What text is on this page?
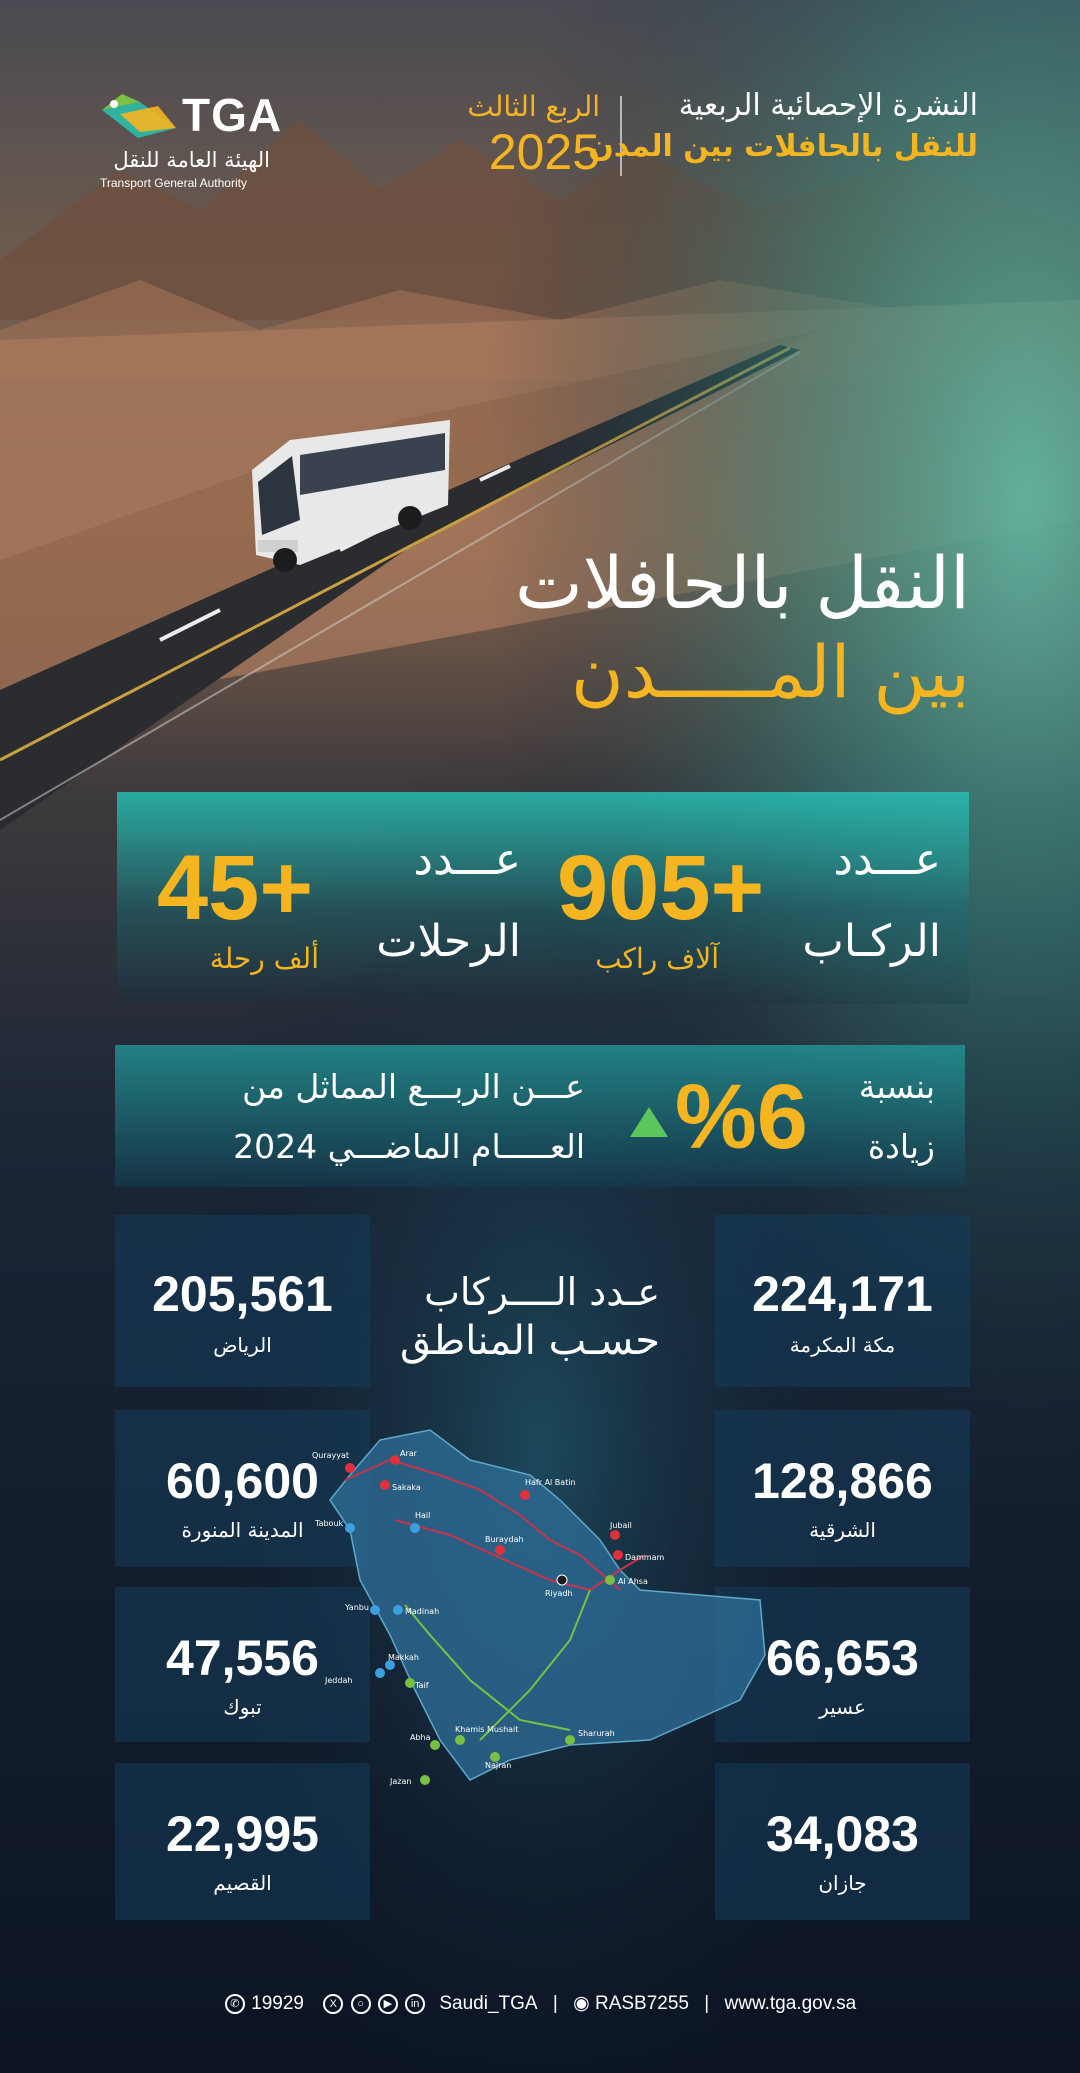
TGA
الهيئة العامة للنقل
Transport General Authority
الربع الثالث
2025
النشرة الإحصائية الربعية
للنقل بالحافلات بين المدن
النقل بالحافلات
بين المـــــدن
عـــدد
الركـاب
905+
آلاف راكب
عـــدد
الرحلات
45+
ألف رحلة
بنسبة
زيادة
%6
عـــن الربـــع المماثل من
العـــــام الماضـــي 2024
عـدد الــــركاب
حسـب المناطق
224,171
مكة المكرمة
205,561
الرياض
128,866
الشرقية
60,600
المدينة المنورة
66,653
عسير
47,556
تبوك
34,083
جازان
22,995
القصيم
Qurayyat	Arar
Sakaka
Hafr Al Batin
Jubail
Dammam
Al Ahsa
Tabouk
Hail
Buraydah
Riyadh
Yanbu	Madinah
Jeddah
Makkah
Taif
Khamis Mushait
Abha
Najran
Sharurah
Jazan
✆ 19929 X ○ ▶ in Saudi_TGA | ◉ RASB7255 | www.tga.gov.sa
